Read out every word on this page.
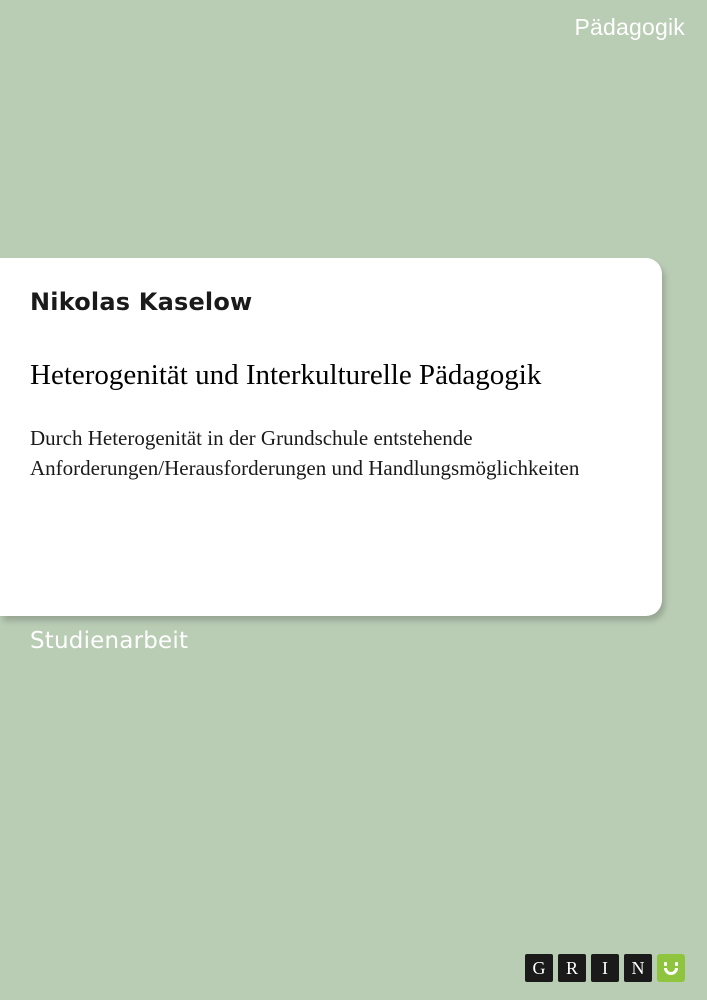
Pädagogik
Nikolas Kaselow
Heterogenität und Interkulturelle Pädagogik
Durch Heterogenität in der Grundschule entstehende Anforderungen/Herausforderungen und Handlungsmöglichkeiten
Studienarbeit
G	R	I	N
